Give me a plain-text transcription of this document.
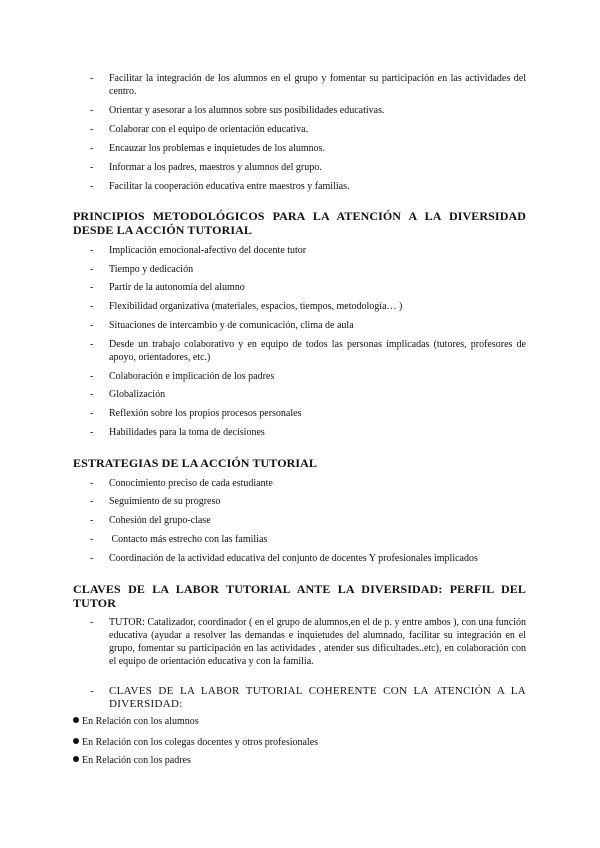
- Facilitar la integración de los alumnos en el grupo y fomentar su participación en las actividades del centro.

- Orientar y asesorar a los alumnos sobre sus posibilidades educativas.

- Colaborar con el equipo de orientación educativa.

- Encauzar los problemas e inquietudes de los alumnos.

- Informar a los padres, maestros y alumnos del grupo.

- Facilitar la cooperación educativa entre maestros y familias.

PRINCIPIOS METODOLÓGICOS PARA LA ATENCIÓN A LA DIVERSIDAD DESDE LA ACCIÓN TUTORIAL
- Implicación emocional-afectivo del docente tutor

- Tiempo y dedicación

- Partir de la autonomía del alumno

- Flexibilidad organizativa (materiales, espacios, tiempos, metodología… )

- Situaciones de intercambio y de comunicación, clima de aula

- Desde un trabajo colaborativo y en equipo de todos las personas implicadas (tutores, profesores de apoyo, orientadores, etc.)

- Colaboración e implicación de los padres

- Globalización

- Reflexión sobre los propios procesos personales

- Habilidades para la toma de decisiones

ESTRATEGIAS DE LA ACCIÓN TUTORIAL
- Conocimiento preciso de cada estudiante

- Seguimiento de su progreso

- Cohesión del grupo-clase

- Contacto más estrecho con las familias

- Coordinación de la actividad educativa del conjunto de docentes Y profesionales implicados

CLAVES DE LA LABOR TUTORIAL ANTE LA DIVERSIDAD: PERFIL DEL TUTOR
- TUTOR: Catalizador, coordinador ( en el grupo de alumnos,en el de p. y entre ambos ), con una función educativa (ayudar a resolver las demandas e inquietudes del alumnado, facilitar su integración en el grupo, fomentar su participación en las actividades , atender sus dificultades..etc), en colaboración con el equipo de orientación educativa y con la familia.

- CLAVES DE LA LABOR TUTORIAL COHERENTE CON LA ATENCIÓN A LA DIVERSIDAD:

En Relación con los alumnos
En Relación con los colegas docentes y otros profesionales
En Relación con los padres
